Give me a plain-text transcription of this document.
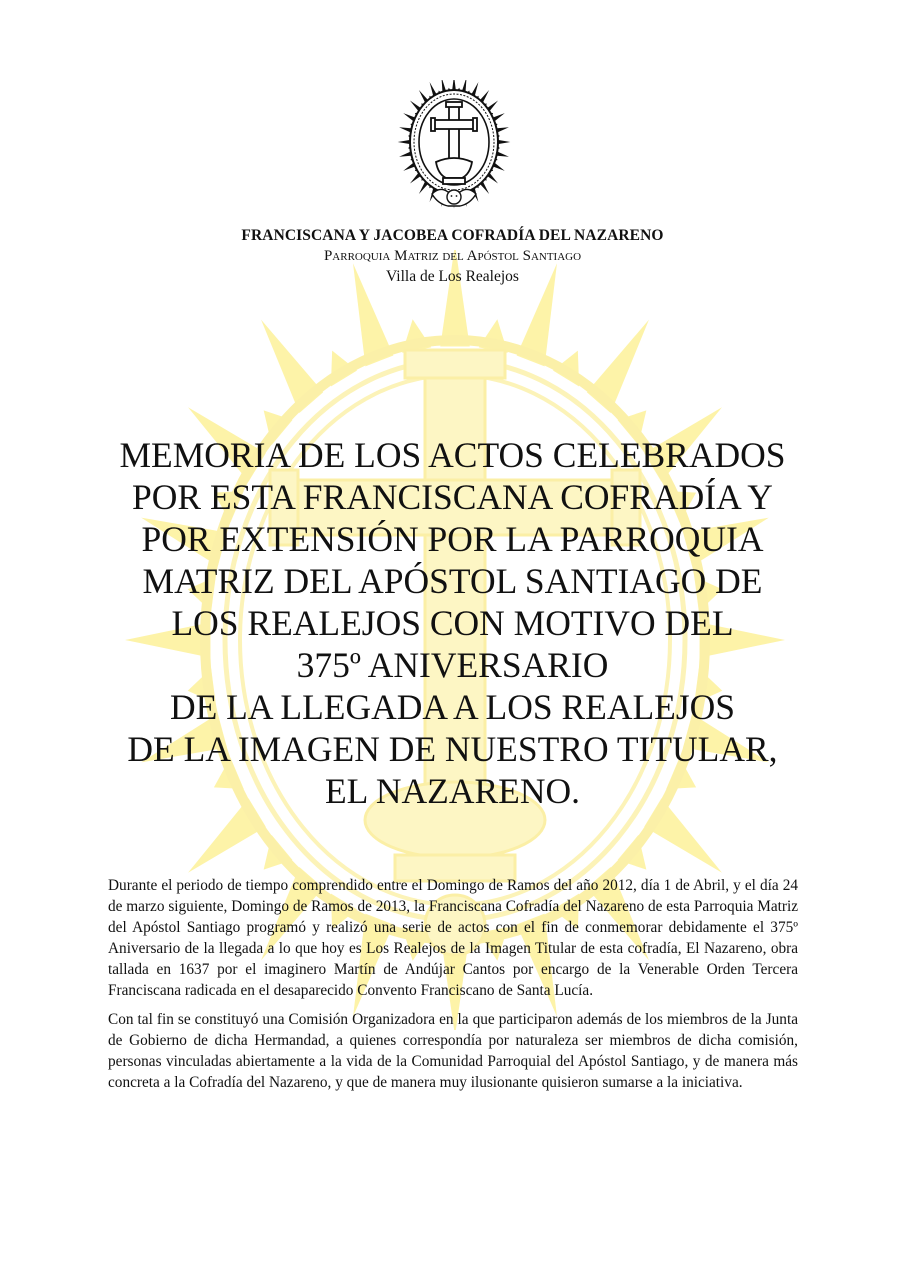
FRANCISCANA Y JACOBEA COFRADÍA DEL NAZARENO
Parroquia Matriz del Apóstol Santiago
Villa de Los Realejos
MEMORIA DE LOS ACTOS CELEBRADOS
POR ESTA FRANCISCANA COFRADÍA Y
POR EXTENSIÓN POR LA PARROQUIA
MATRIZ DEL APÓSTOL SANTIAGO DE
LOS REALEJOS CON MOTIVO DEL
375º ANIVERSARIO
DE LA LLEGADA A LOS REALEJOS
DE LA IMAGEN DE NUESTRO TITULAR,
EL NAZARENO.

Durante el periodo de tiempo comprendido entre el Domingo de Ramos del año 2012, día 1 de Abril, y el día 24 de marzo siguiente, Domingo de Ramos de 2013, la Franciscana Cofradía del Nazareno de esta Parroquia Matriz del Apóstol Santiago programó y realizó una serie de actos con el fin de conmemorar debidamente el 375º Aniversario de la llegada a lo que hoy es Los Realejos de la Imagen Titular de esta cofradía, El Nazareno, obra tallada en 1637 por el imaginero Martín de Andújar Cantos por encargo de la Venerable Orden Tercera Franciscana radicada en el desaparecido Convento Franciscano de Santa Lucía.

Con tal fin se constituyó una Comisión Organizadora en la que participaron además de los miembros de la Junta de Gobierno de dicha Hermandad, a quienes correspondía por naturaleza ser miembros de dicha comisión, personas vinculadas abiertamente a la vida de la Comunidad Parroquial del Apóstol Santiago, y de manera más concreta a la Cofradía del Nazareno, y que de manera muy ilusionante quisieron sumarse a la iniciativa.
